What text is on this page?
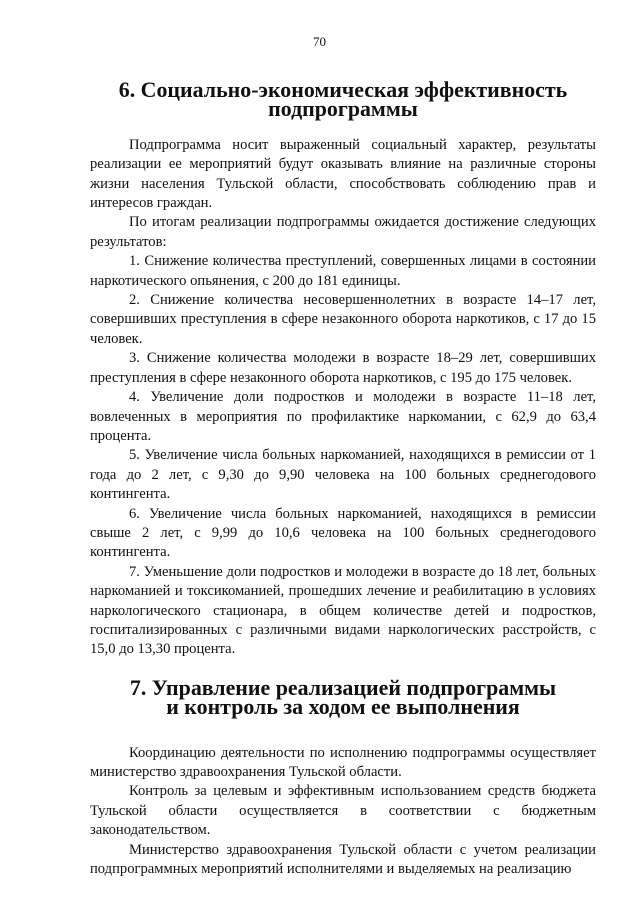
70
6. Социально-экономическая эффективность подпрограммы

Подпрограмма носит выраженный социальный характер, результаты реализации ее мероприятий будут оказывать влияние на различные стороны жизни населения Тульской области, способствовать соблюдению прав и интересов граждан.

По итогам реализации подпрограммы ожидается достижение следующих результатов:

1. Снижение количества преступлений, совершенных лицами в состоянии наркотического опьянения, с 200 до 181 единицы.

2. Снижение количества несовершеннолетних в возрасте 14–17 лет, совершивших преступления в сфере незаконного оборота наркотиков, с 17 до 15 человек.

3. Снижение количества молодежи в возрасте 18–29 лет, совершивших преступления в сфере незаконного оборота наркотиков, с 195 до 175 человек.

4. Увеличение доли подростков и молодежи в возрасте 11–18 лет, вовлеченных в мероприятия по профилактике наркомании, с 62,9 до 63,4 процента.

5. Увеличение числа больных наркоманией, находящихся в ремиссии от 1 года до 2 лет, с 9,30 до 9,90 человека на 100 больных среднегодового контингента.

6. Увеличение числа больных наркоманией, находящихся в ремиссии свыше 2 лет, с 9,99 до 10,6 человека на 100 больных среднегодового контингента.

7. Уменьшение доли подростков и молодежи в возрасте до 18 лет, больных наркоманией и токсикоманией, прошедших лечение и реабилитацию в условиях наркологического стационара, в общем количестве детей и подростков, госпитализированных с различными видами наркологических расстройств, с 15,0 до 13,30 процента.

7. Управление реализацией подпрограммы
и контроль за ходом ее выполнения

Координацию деятельности по исполнению подпрограммы осуществляет министерство здравоохранения Тульской области.

Контроль за целевым и эффективным использованием средств бюджета Тульской области осуществляется в соответствии с бюджетным законодательством.

Министерство здравоохранения Тульской области с учетом реализации подпрограммных мероприятий исполнителями и выделяемых на реализацию
